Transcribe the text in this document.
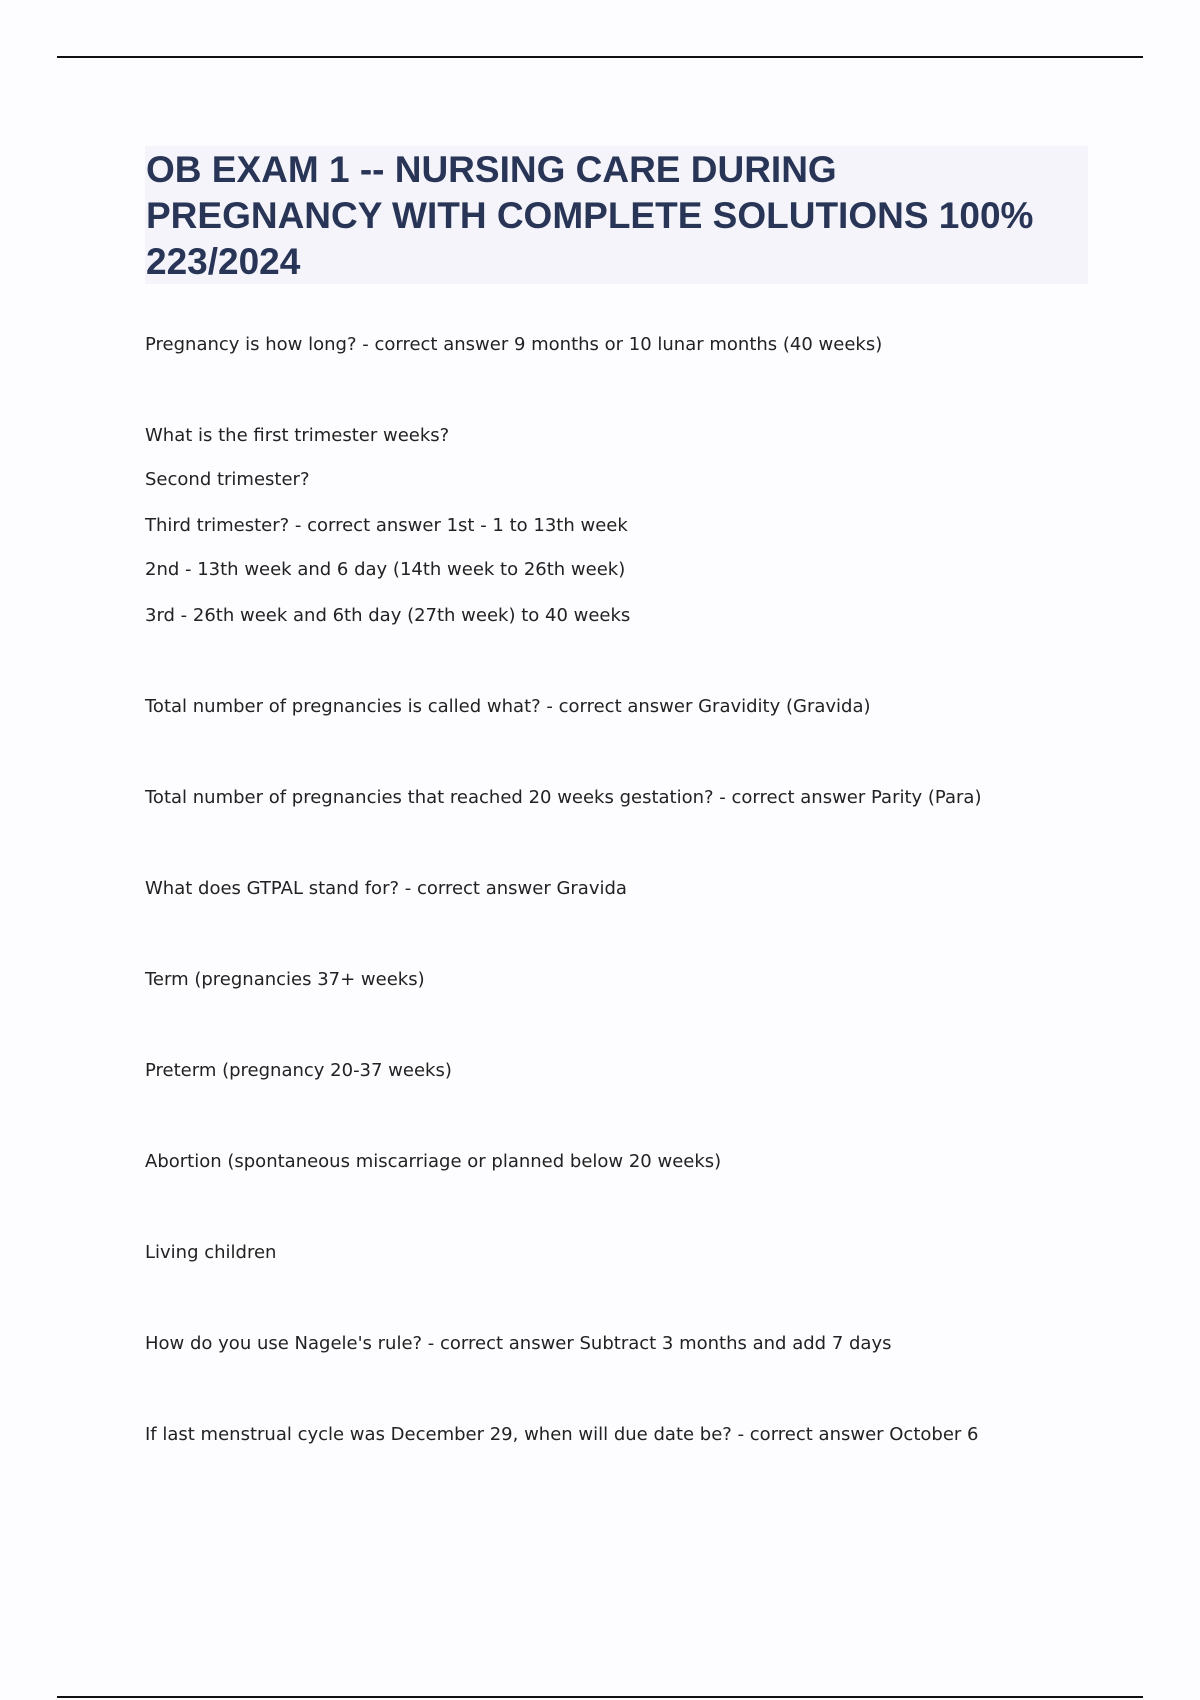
OB EXAM 1 -- NURSING CARE DURING PREGNANCY WITH COMPLETE SOLUTIONS 100% 223/2024

Pregnancy is how long? - correct answer 9 months or 10 lunar months (40 weeks)

What is the first trimester weeks?

Second trimester?

Third trimester? - correct answer 1st - 1 to 13th week

2nd - 13th week and 6 day (14th week to 26th week)

3rd - 26th week and 6th day (27th week) to 40 weeks

Total number of pregnancies is called what? - correct answer Gravidity (Gravida)

Total number of pregnancies that reached 20 weeks gestation? - correct answer Parity (Para)

What does GTPAL stand for? - correct answer Gravida

Term (pregnancies 37+ weeks)

Preterm (pregnancy 20-37 weeks)

Abortion (spontaneous miscarriage or planned below 20 weeks)

Living children

How do you use Nagele's rule? - correct answer Subtract 3 months and add 7 days

If last menstrual cycle was December 29, when will due date be? - correct answer October 6
